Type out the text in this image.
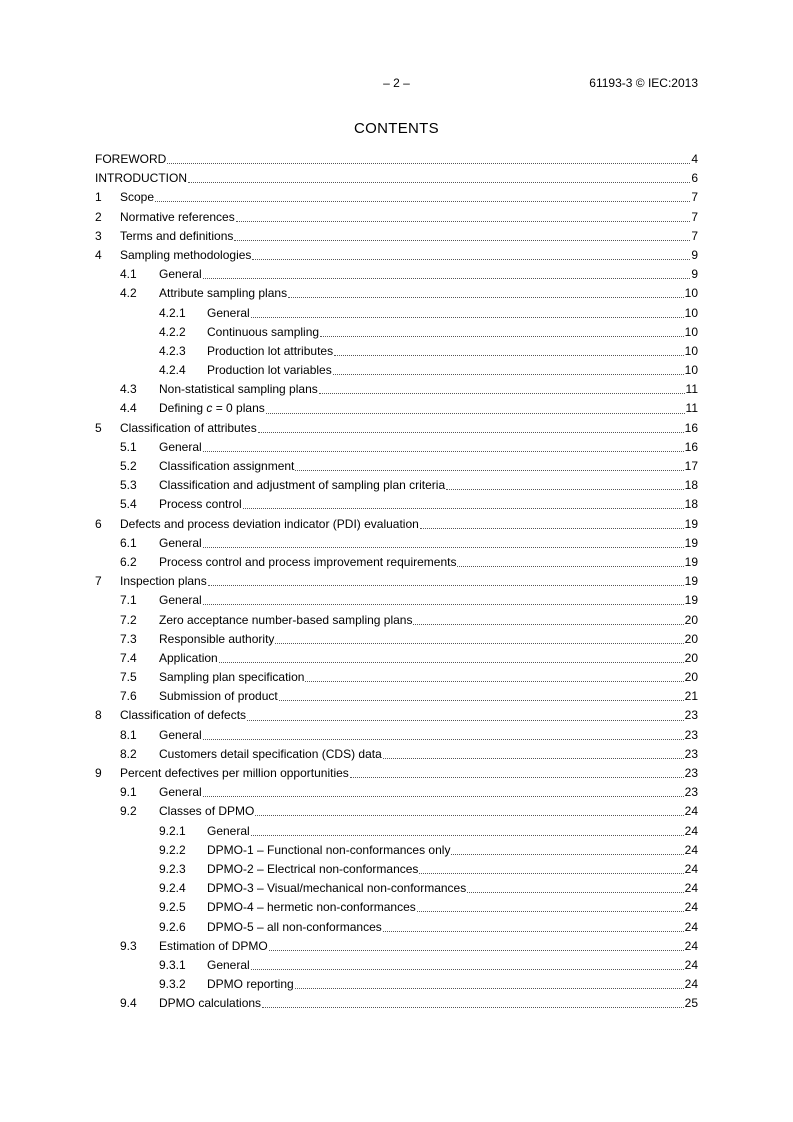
– 2 –	61193-3 © IEC:2013
CONTENTS
FOREWORD	4
INTRODUCTION	6
1	Scope	7
2	Normative references	7
3	Terms and definitions	7
4	Sampling methodologies	9
4.1	General	9
4.2	Attribute sampling plans	10
4.2.1	General	10
4.2.2	Continuous sampling	10
4.2.3	Production lot attributes	10
4.2.4	Production lot variables	10
4.3	Non-statistical sampling plans	11
4.4	Defining c = 0 plans	11
5	Classification of attributes	16
5.1	General	16
5.2	Classification assignment	17
5.3	Classification and adjustment of sampling plan criteria	18
5.4	Process control	18
6	Defects and process deviation indicator (PDI) evaluation	19
6.1	General	19
6.2	Process control and process improvement requirements	19
7	Inspection plans	19
7.1	General	19
7.2	Zero acceptance number-based sampling plans	20
7.3	Responsible authority	20
7.4	Application	20
7.5	Sampling plan specification	20
7.6	Submission of product	21
8	Classification of defects	23
8.1	General	23
8.2	Customers detail specification (CDS) data	23
9	Percent defectives per million opportunities	23
9.1	General	23
9.2	Classes of DPMO	24
9.2.1	General	24
9.2.2	DPMO-1 – Functional non-conformances only	24
9.2.3	DPMO-2 – Electrical non-conformances	24
9.2.4	DPMO-3 – Visual/mechanical non-conformances	24
9.2.5	DPMO-4 – hermetic non-conformances	24
9.2.6	DPMO-5 – all non-conformances	24
9.3	Estimation of DPMO	24
9.3.1	General	24
9.3.2	DPMO reporting	24
9.4	DPMO calculations	25
